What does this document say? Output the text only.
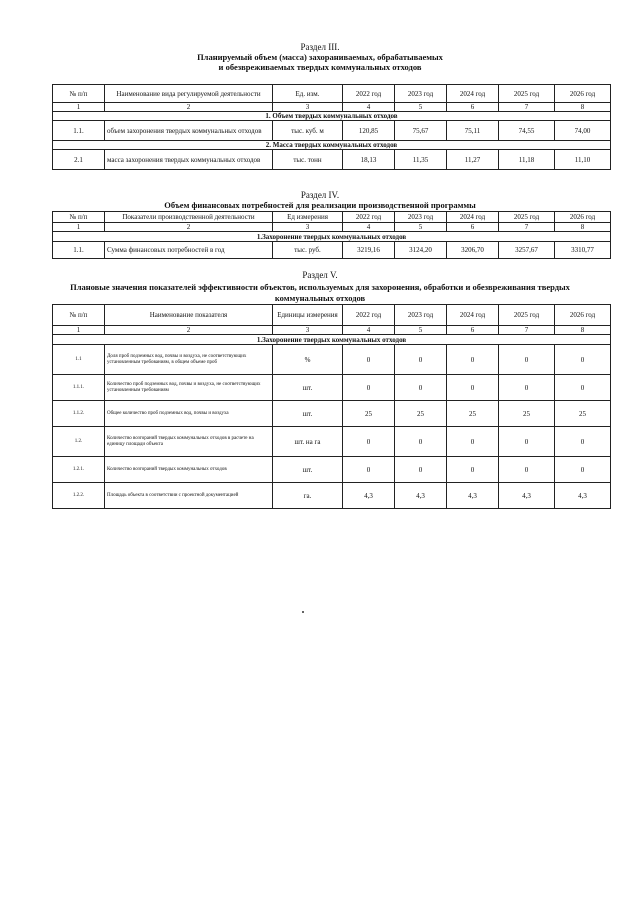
Раздел III.
Планируемый объем (масса) захораниваемых, обрабатываемых
и обезвреживаемых твердых коммунальных отходов
№ п/п	Наименование вида регулируемой деятельности	Ед. изм.	2022 год	2023 год	2024 год	2025 год	2026 год
1	2	3	4	5	6	7	8
1. Объем твердых коммунальных отходов							
1.1.	объем захоронения твердых коммунальных отходов	тыс. куб. м	120,85	75,67	75,11	74,55	74,00
2. Масса твердых коммунальных отходов							
2.1	масса захоронения твердых коммунальных отходов	тыс. тонн	18,13	11,35	11,27	11,18	11,10
Раздел IV.
Объем финансовых потребностей для реализации производственной программы
№ п/п	Показатели производственной деятельности	Ед измерения	2022 год	2023 год	2024 год	2025 год	2026 год
1	2	3	4	5	6	7	8
1.Захоронение твердых коммунальных отходов							
1.1.	Сумма финансовых потребностей в год	тыс. руб.	3219,16	3124,20	3206,70	3257,67	3310,77
Раздел V.
Плановые значения показателей эффективности объектов, используемых для захоронения, обработки и обезвреживания твердых
коммунальных отходов
№ п/п	Наименование показателя	Единицы измерения	2022 год	2023 год	2024 год	2025 год	2026 год
1	2	3	4	5	6	7	8
1.Захоронение твердых коммунальных отходов							
1.1	Доля проб подземных вод, почвы и воздуха, не соответствующих установленным требованиям, в общем объеме проб	%	0	0	0	0	0
1.1.1.	Количество проб подземных вод, почвы и воздуха, не соответствующих установленным требованиям	шт.	0	0	0	0	0
1.1.2.	Общее количество проб подземных вод, почвы и воздуха	шт.	25	25	25	25	25
1.2.	Количество возгораний твердых коммунальных отходов в расчете на единицу площади объекта	шт. на га	0	0	0	0	0
1.2.1.	Количество возгораний твердых коммунальных отходов	шт.	0	0	0	0	0
1.2.2.	Площадь объекта в соответствии с проектной документацией	га.	4,3	4,3	4,3	4,3	4,3
